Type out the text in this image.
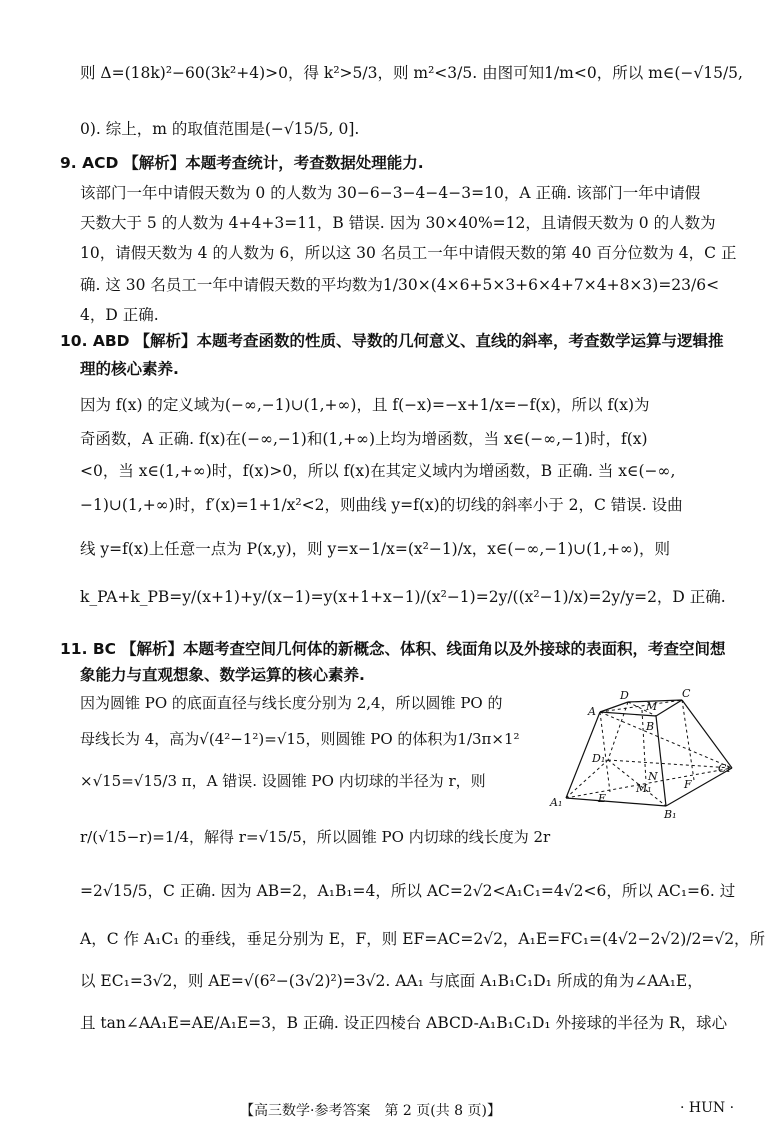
则 Δ=(18k)²−60(3k²+4)>0，得 k²>5/3，则 m²<3/5. 由图可知1/m<0，所以 m∈(−√15/5,
0). 综上，m 的取值范围是(−√15/5, 0].
9. ACD 【解析】本题考查统计，考查数据处理能力.
该部门一年中请假天数为 0 的人数为 30−6−3−4−4−3=10，A 正确. 该部门一年中请假
天数大于 5 的人数为 4+4+3=11，B 错误. 因为 30×40%=12，且请假天数为 0 的人数为
10，请假天数为 4 的人数为 6，所以这 30 名员工一年中请假天数的第 40 百分位数为 4，C 正
确. 这 30 名员工一年中请假天数的平均数为1/30×(4×6+5×3+6×4+7×4+8×3)=23/6<
4，D 正确.
10. ABD 【解析】本题考查函数的性质、导数的几何意义、直线的斜率，考查数学运算与逻辑推
理的核心素养.
因为 f(x) 的定义域为(−∞,−1)∪(1,+∞)，且 f(−x)=−x+1/x=−f(x)，所以 f(x)为
奇函数，A 正确. f(x)在(−∞,−1)和(1,+∞)上均为增函数，当 x∈(−∞,−1)时，f(x)
<0，当 x∈(1,+∞)时，f(x)>0，所以 f(x)在其定义域内为增函数，B 正确. 当 x∈(−∞,
−1)∪(1,+∞)时，f′(x)=1+1/x²<2，则曲线 y=f(x)的切线的斜率小于 2，C 错误. 设曲
线 y=f(x)上任意一点为 P(x,y)，则 y=x−1/x=(x²−1)/x，x∈(−∞,−1)∪(1,+∞)，则
k_PA+k_PB=y/(x+1)+y/(x−1)=y(x+1+x−1)/(x²−1)=2y/((x²−1)/x)=2y/y=2，D 正确.
11. BC 【解析】本题考查空间几何体的新概念、体积、线面角以及外接球的表面积，考查空间想
象能力与直观想象、数学运算的核心素养.
因为圆锥 PO 的底面直径与线长度分别为 2,4，所以圆锥 PO 的
母线长为 4，高为√(4²−1²)=√15，则圆锥 PO 的体积为1/3π×1²
×√15=√15/3 π，A 错误. 设圆锥 PO 内切球的半径为 r，则
r/(√15−r)=1/4，解得 r=√15/5，所以圆锥 PO 内切球的线长度为 2r
=2√15/5，C 正确. 因为 AB=2，A₁B₁=4，所以 AC=2√2<A₁C₁=4√2<6，所以 AC₁=6. 过
A，C 作 A₁C₁ 的垂线，垂足分别为 E，F，则 EF=AC=2√2，A₁E=FC₁=(4√2−2√2)/2=√2，所
以 EC₁=3√2，则 AE=√(6²−(3√2)²)=3√2. AA₁ 与底面 A₁B₁C₁D₁ 所成的角为∠AA₁E，
且 tan∠AA₁E=AE/A₁E=3，B 正确. 设正四棱台 ABCD-A₁B₁C₁D₁ 外接球的半径为 R，球心
D	C
A	M
B
D₁
N
C₁
A₁	E
M₁	F
B₁
【高三数学·参考答案　第 2 页(共 8 页)】	· HUN ·
